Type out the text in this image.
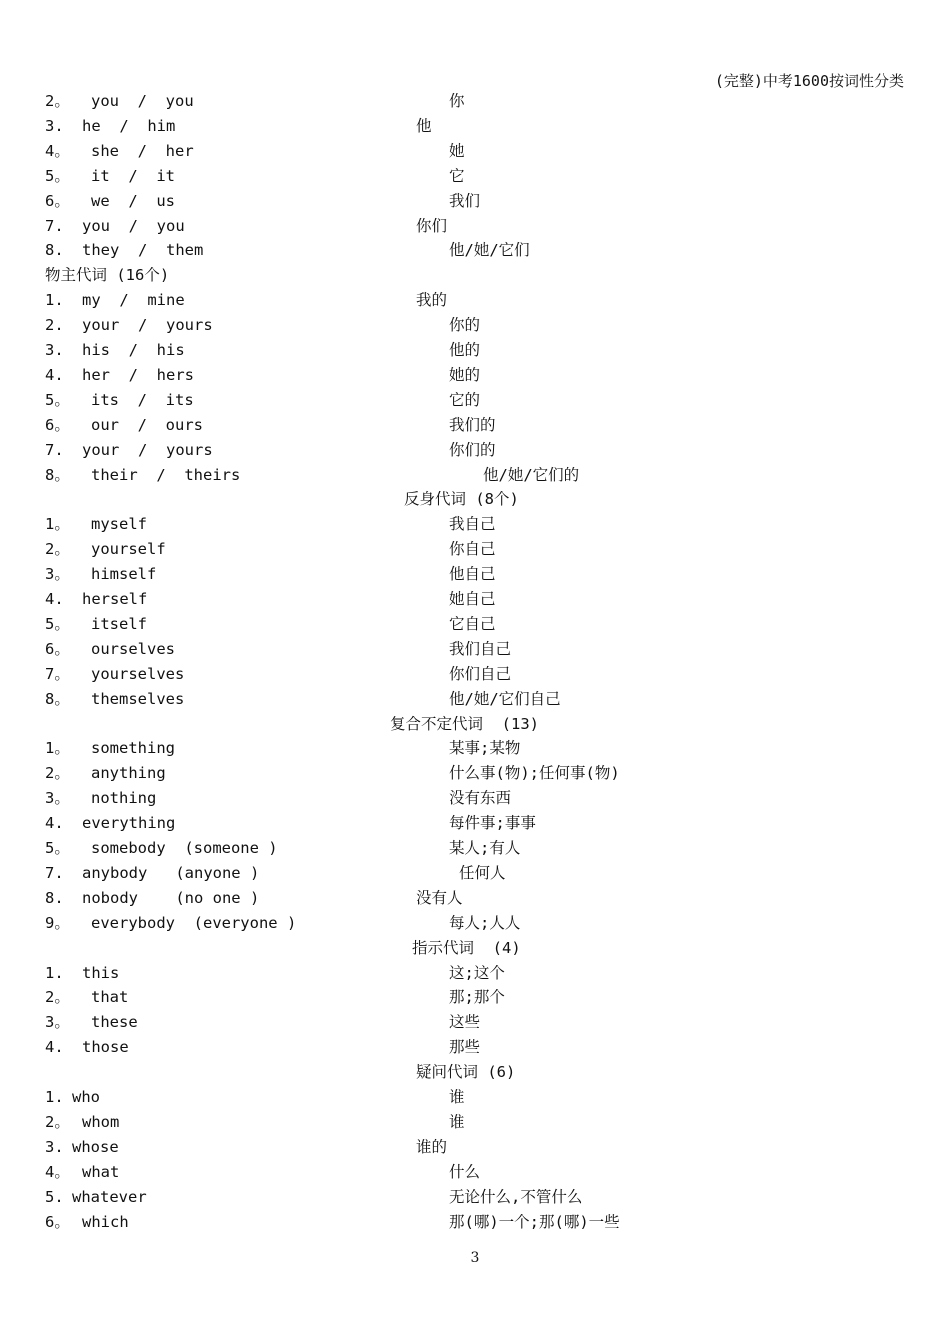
(完整)中考1600按词性分类
2。 you  /  you	你
3. he  /  him	他
4。 she  /  her	她
5。 it  /  it	它
6。 we  /  us	我们
7. you  /  you	你们
8. they  /  them	他/她/它们
物主代词 (16个)
1. my  /  mine	我的
2. your  /  yours	你的
3. his  /  his	他的
4. her  /  hers	她的
5。 its  /  its	它的
6。 our  /  ours	我们的
7. your  /  yours	你们的
8。 their  /  theirs	他/她/它们的
反身代词 (8个)
1。 myself	我自己
2。 yourself	你自己
3。 himself	他自己
4. herself	她自己
5。 itself	它自己
6。 ourselves	我们自己
7。 yourselves	你们自己
8。 themselves	他/她/它们自己
复合不定代词  (13)
1。 something	某事;某物
2。 anything	什么事(物);任何事(物)
3。 nothing	没有东西
4. everything	每件事;事事
5。 somebody  (someone )	某人;有人
7. anybody   (anyone )	任何人
8. nobody    (no one )	没有人
9。 everybody  (everyone )	每人;人人
指示代词  (4)
1. this	这;这个
2。 that	那;那个
3。 these	这些
4. those	那些
疑问代词 (6)
1. who	谁
2。 whom	谁
3. whose	谁的
4。 what	什么
5. whatever	无论什么,不管什么
6。 which	那(哪)一个;那(哪)一些
3
